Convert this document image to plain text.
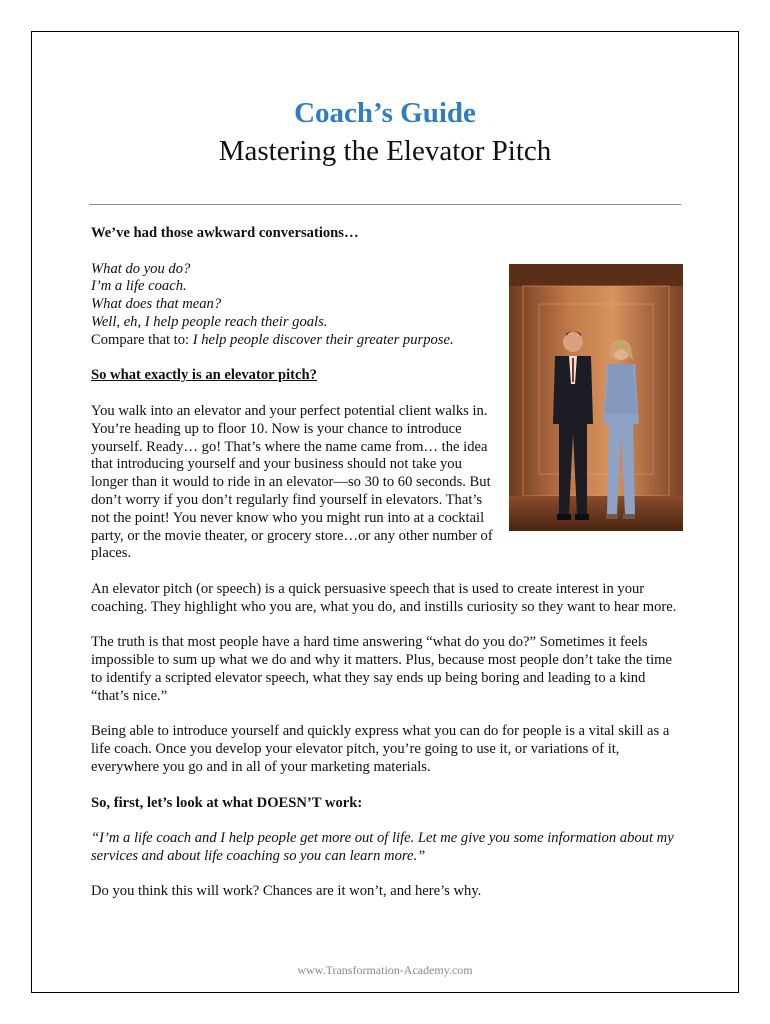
Coach’s Guide
Mastering the Elevator Pitch

We’ve had those awkward conversations…

What do you do?
I’m a life coach.
What does that mean?
Well, eh, I help people reach their goals.

Compare that to: I help people discover their greater purpose.

So what exactly is an elevator pitch?

You walk into an elevator and your perfect potential client walks in. You’re heading up to floor 10. Now is your chance to introduce yourself. Ready… go! That’s where the name came from… the idea that introducing yourself and your business should not take you longer than it would to ride in an elevator—so 30 to 60 seconds. But don’t worry if you don’t regularly find yourself in elevators. That’s not the point! You never know who you might run into at a cocktail party, or the movie theater, or grocery store…or any other number of places.

An elevator pitch (or speech) is a quick persuasive speech that is used to create interest in your coaching. They highlight who you are, what you do, and instills curiosity so they want to hear more.

The truth is that most people have a hard time answering “what do you do?” Sometimes it feels impossible to sum up what we do and why it matters. Plus, because most people don’t take the time to identify a scripted elevator speech, what they say ends up being boring and leading to a kind “that’s nice.”

Being able to introduce yourself and quickly express what you can do for people is a vital skill as a life coach. Once you develop your elevator pitch, you’re going to use it, or variations of it, everywhere you go and in all of your marketing materials.

So, first, let’s look at what DOESN’T work:

“I’m a life coach and I help people get more out of life. Let me give you some information about my services and about life coaching so you can learn more.”

Do you think this will work? Chances are it won’t, and here’s why.

www.Transformation-Academy.com
